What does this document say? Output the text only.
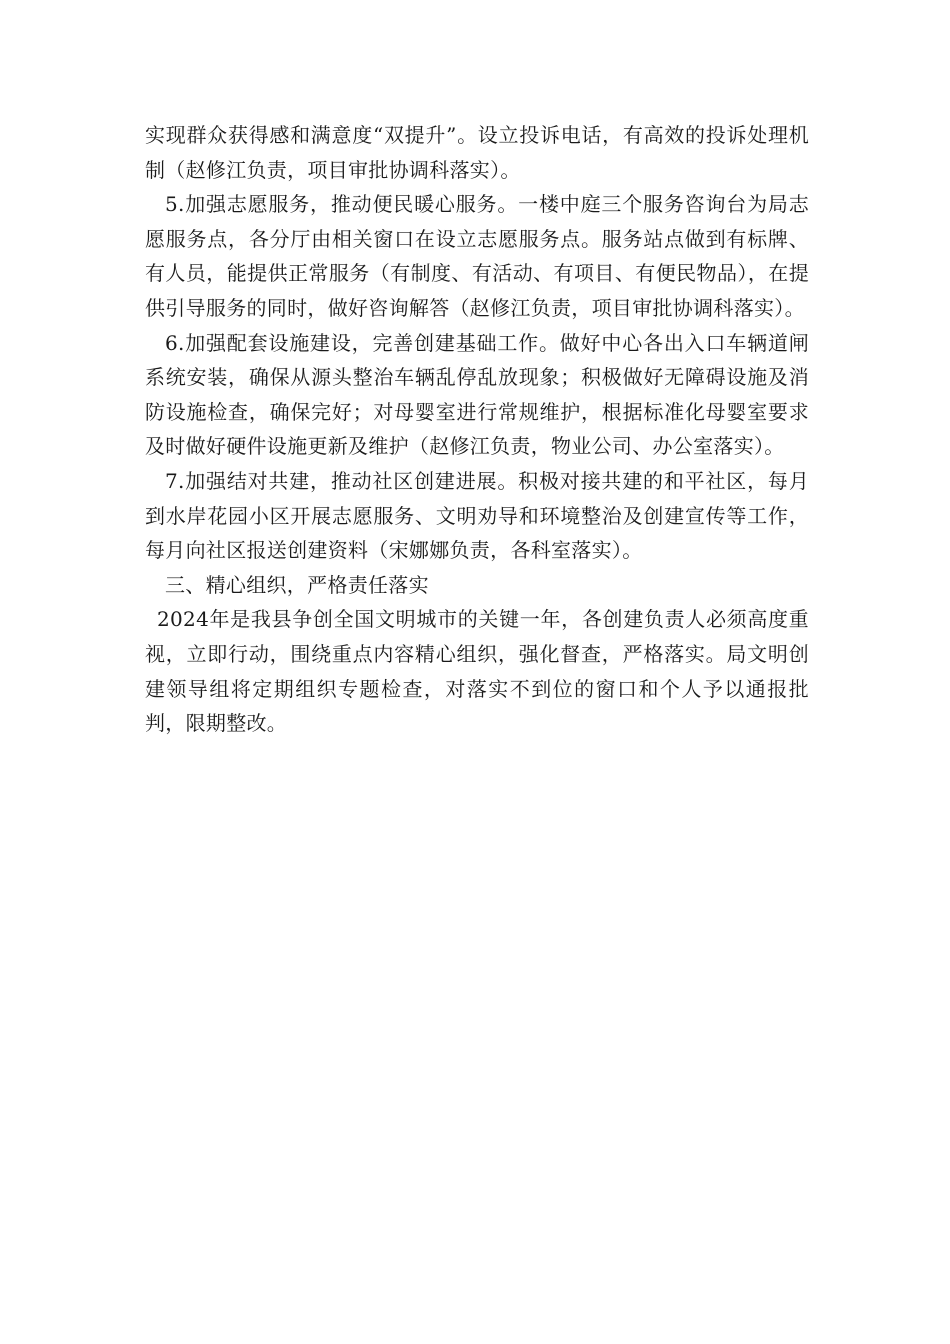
实现群众获得感和满意度“双提升”。设立投诉电话，有高效的投诉处理机制（赵修江负责，项目审批协调科落实）。

5.加强志愿服务，推动便民暖心服务。一楼中庭三个服务咨询台为局志愿服务点，各分厅由相关窗口在设立志愿服务点。服务站点做到有标牌、有人员，能提供正常服务（有制度、有活动、有项目、有便民物品），在提供引导服务的同时，做好咨询解答（赵修江负责，项目审批协调科落实）。

6.加强配套设施建设，完善创建基础工作。做好中心各出入口车辆道闸系统安装，确保从源头整治车辆乱停乱放现象；积极做好无障碍设施及消防设施检查，确保完好；对母婴室进行常规维护，根据标准化母婴室要求及时做好硬件设施更新及维护（赵修江负责，物业公司、办公室落实）。

7.加强结对共建，推动社区创建进展。积极对接共建的和平社区，每月到水岸花园小区开展志愿服务、文明劝导和环境整治及创建宣传等工作，每月向社区报送创建资料（宋娜娜负责，各科室落实）。

三、精心组织，严格责任落实

2024年是我县争创全国文明城市的关键一年，各创建负责人必须高度重视，立即行动，围绕重点内容精心组织，强化督查，严格落实。局文明创建领导组将定期组织专题检查，对落实不到位的窗口和个人予以通报批判，限期整改。
